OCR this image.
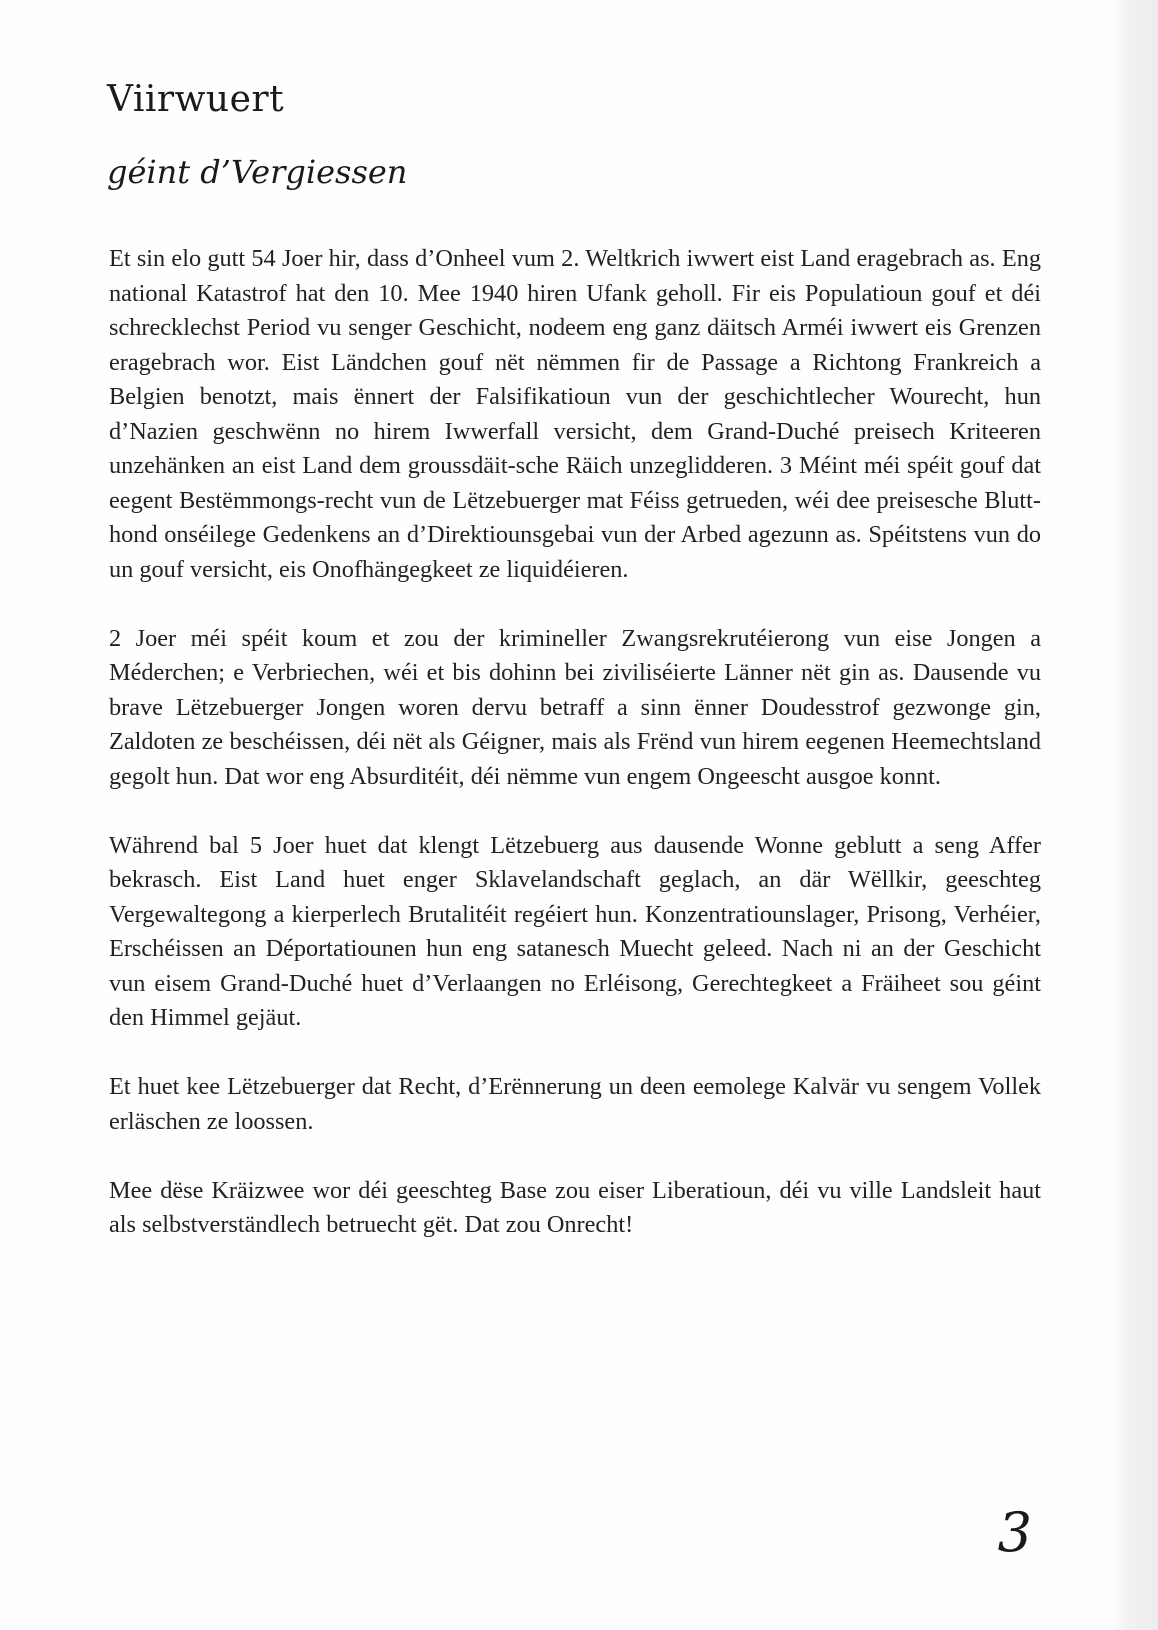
Viirwuert
géint d’Vergiessen

Et sin elo gutt 54 Joer hir, dass d’Onheel vum 2. Weltkrich iwwert eist Land eragebrach as. Eng national Katastrof hat den 10. Mee 1940 hiren Ufank geholl. Fir eis Populatioun gouf et déi schrecklechst Period vu senger Geschicht, nodeem eng ganz däitsch Arméi iwwert eis Grenzen eragebrach wor. Eist Ländchen gouf nët nëmmen fir de Passage a Richtong Frankreich a Belgien benotzt, mais ënnert der Falsifikatioun vun der geschichtlecher Wourecht, hun d’Nazien geschwënn no hirem Iwwerfall versicht, dem Grand-Duché preisech Kriteeren unzehänken an eist Land dem groussdäit-sche Räich unzeglidderen. 3 Méint méi spéit gouf dat eegent Bestëmmongs-recht vun de Lëtzebuerger mat Féiss getrueden, wéi dee preisesche Blutt-hond onséilege Gedenkens an d’Direktiounsgebai vun der Arbed agezunn as. Spéitstens vun do un gouf versicht, eis Onofhängegkeet ze liquidéieren.

2 Joer méi spéit koum et zou der krimineller Zwangsrekrutéierong vun eise Jongen a Méderchen; e Verbriechen, wéi et bis dohinn bei ziviliséierte Länner nët gin as. Dausende vu brave Lëtzebuerger Jongen woren dervu betraff a sinn ënner Doudesstrof gezwonge gin, Zaldoten ze beschéissen, déi nët als Géigner, mais als Frënd vun hirem eegenen Heemechtsland gegolt hun. Dat wor eng Absurditéit, déi nëmme vun engem Ongeescht ausgoe konnt.

Während bal 5 Joer huet dat klengt Lëtzebuerg aus dausende Wonne geblutt a seng Affer bekrasch. Eist Land huet enger Sklavelandschaft geglach, an där Wëllkir, geeschteg Vergewaltegong a kierperlech Brutalitéit regéiert hun. Konzentratiounslager, Prisong, Verhéier, Erschéissen an Déportatiounen hun eng satanesch Muecht geleed. Nach ni an der Geschicht vun eisem Grand-Duché huet d’Verlaangen no Erléisong, Gerechtegkeet a Fräiheet sou géint den Himmel gejäut.

Et huet kee Lëtzebuerger dat Recht, d’Erënnerung un deen eemolege Kalvär vu sengem Vollek erläschen ze loossen.

Mee dëse Kräizwee wor déi geeschteg Base zou eiser Liberatioun, déi vu ville Landsleit haut als selbstverständlech betruecht gët. Dat zou Onrecht!

3
